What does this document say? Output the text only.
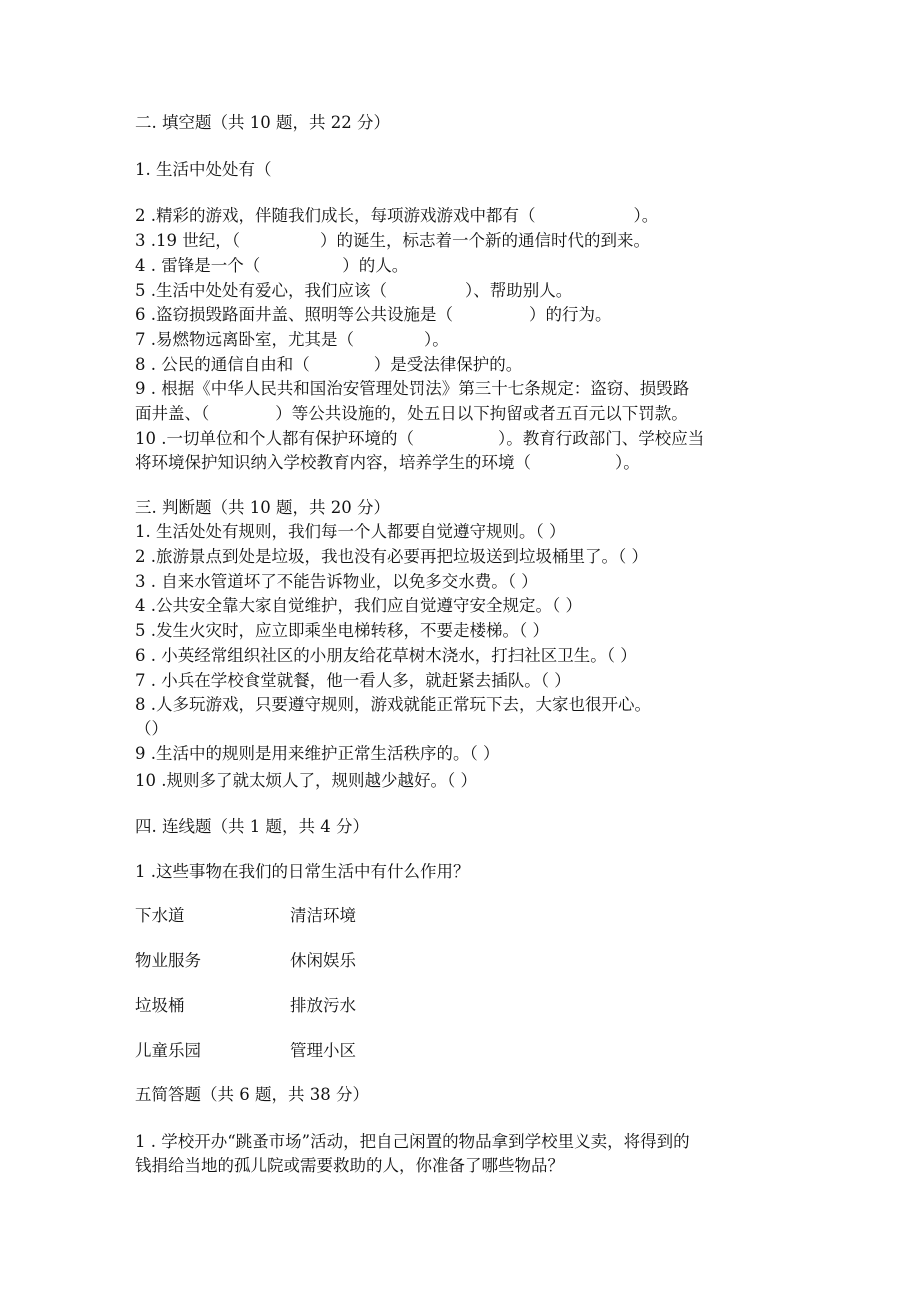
二. 填空题（共 10 题，共 22 分）
1. 生活中处处有（
2 .精彩的游戏，伴随我们成长，每项游戏游戏中都有（	）。
3 .19 世纪，（	）的诞生，标志着一个新的通信时代的到来。
4 . 雷锋是一个（	）的人。
5 .生活中处处有爱心，我们应该（	）、帮助别人。
6 .盗窃损毁路面井盖、照明等公共设施是（	）的行为。
7 .易燃物远离卧室，尤其是（	）。
8 . 公民的通信自由和（	）是受法律保护的。
9 . 根据《中华人民共和国治安管理处罚法》第三十七条规定：盗窃、损毁路
面井盖、（	）等公共设施的，处五日以下拘留或者五百元以下罚款。
10 .一切单位和个人都有保护环境的（	）。教育行政部门、学校应当
将环境保护知识纳入学校教育内容，培养学生的环境（	）。
三. 判断题（共 10 题，共 20 分）
1. 生活处处有规则，我们每一个人都要自觉遵守规则。（ ）
2 .旅游景点到处是垃圾，我也没有必要再把垃圾送到垃圾桶里了。（ ）
3 . 自来水管道坏了不能告诉物业，以免多交水费。（ ）
4 .公共安全靠大家自觉维护，我们应自觉遵守安全规定。（ ）
5 .发生火灾时，应立即乘坐电梯转移，不要走楼梯。（ ）
6 . 小英经常组织社区的小朋友给花草树木浇水，打扫社区卫生。（ ）
7 . 小兵在学校食堂就餐，他一看人多，就赶紧去插队。（ ）
8 .人多玩游戏，只要遵守规则，游戏就能正常玩下去，大家也很开心。
（）
9 .生活中的规则是用来维护正常生活秩序的。（ ）
10 .规则多了就太烦人了，规则越少越好。（ ）
四. 连线题（共 1 题，共 4 分）
1 .这些事物在我们的日常生活中有什么作用？
下水道	清洁环境
物业服务	休闲娱乐
垃圾桶	排放污水
儿童乐园	管理小区
五简答题（共 6 题，共 38 分）
1 . 学校开办“跳蚤市场”活动，把自己闲置的物品拿到学校里义卖，将得到的
钱捐给当地的孤儿院或需要救助的人，你准备了哪些物品？
